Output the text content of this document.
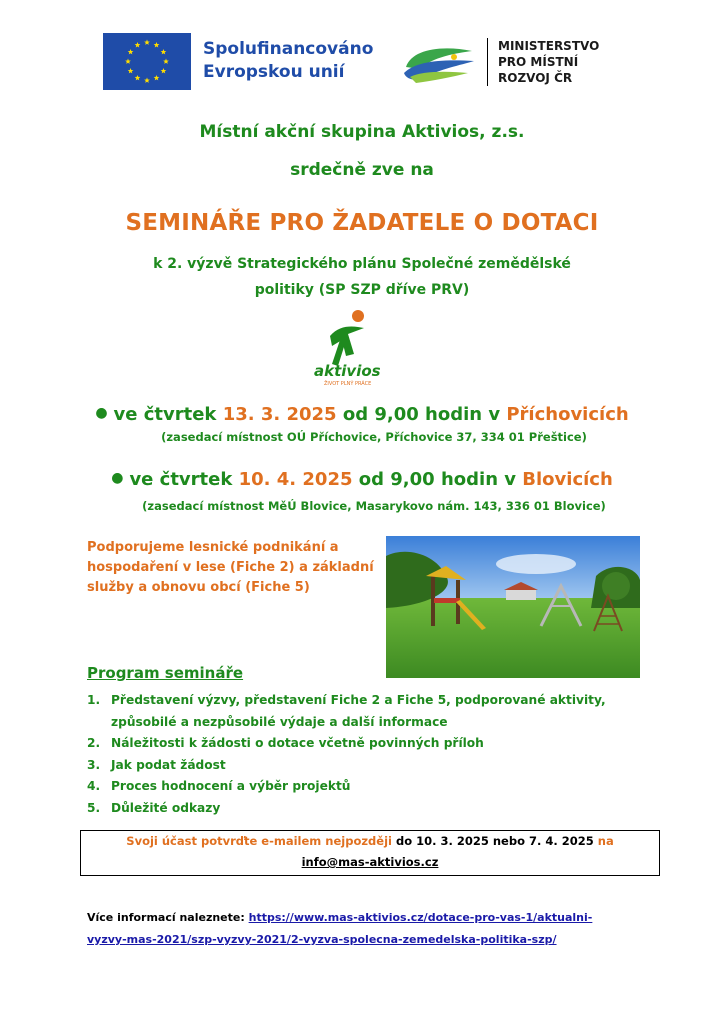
Spolufinancováno
Evropskou unií
MINISTERSTVO
PRO MÍSTNÍ
ROZVOJ ČR
Místní akční skupina Aktivios, z.s.
srdečně zve na
SEMINÁŘE PRO ŽADATELE O DOTACI
k 2. výzvě Strategického plánu Společné zemědělské
politiky (SP SZP dříve PRV)
aktivios
ŽIVOT PLNÝ PRÁCE
● ve čtvrtek 13. 3. 2025 od 9,00 hodin v Příchovicích
(zasedací místnost OÚ Příchovice, Příchovice 37, 334 01 Přeštice)
● ve čtvrtek 10. 4. 2025 od 9,00 hodin v Blovicích
(zasedací místnost MěÚ Blovice, Masarykovo nám. 143, 336 01 Blovice)
Podporujeme lesnické podnikání a hospodaření v lese (Fiche 2) a základní služby a obnovu obcí (Fiche 5)
Program semináře
1. Představení výzvy, představení Fiche 2 a Fiche 5, podporované aktivity,
způsobilé a nezpůsobilé výdaje a další informace
2. Náležitosti k žádosti o dotace včetně povinných příloh
3. Jak podat žádost
4. Proces hodnocení a výběr projektů
5. Důležité odkazy
Svoji účast potvrďte e-mailem nejpozději do 10. 3. 2025 nebo 7. 4. 2025 na
info@mas-aktivios.cz
Více informací naleznete: https://www.mas-aktivios.cz/dotace-pro-vas-1/aktualni-
vyzvy-mas-2021/szp-vyzvy-2021/2-vyzva-spolecna-zemedelska-politika-szp/
